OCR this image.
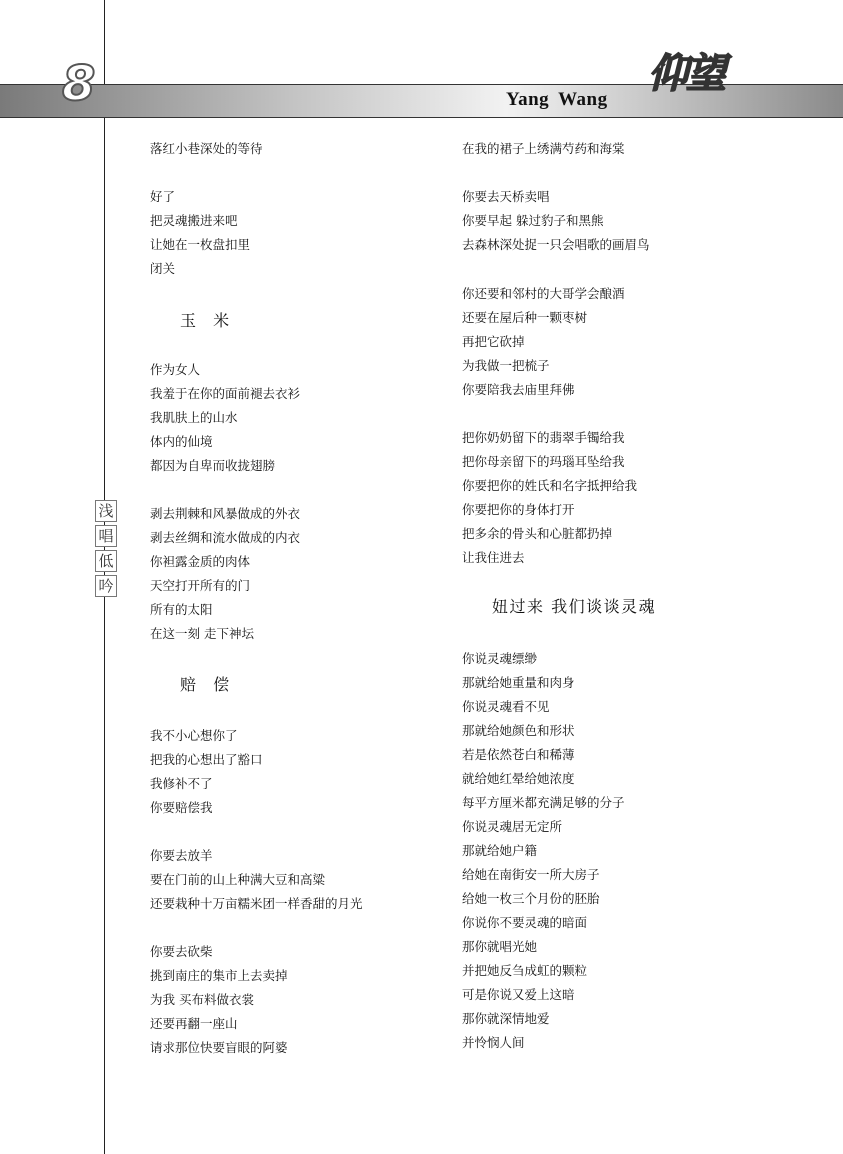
8	Yang Wang
仰望
浅
唱
低
吟
落红小巷深处的等待
好了
把灵魂搬进来吧
让她在一枚盘扣里
闭关
玉 米
作为女人
我羞于在你的面前褪去衣衫
我肌肤上的山水
体内的仙境
都因为自卑而收拢翅膀
剥去荆棘和风暴做成的外衣
剥去丝绸和流水做成的内衣
你袒露金质的肉体
天空打开所有的门
所有的太阳
在这一刻 走下神坛
赔 偿
我不小心想你了
把我的心想出了豁口
我修补不了
你要赔偿我
你要去放羊
要在门前的山上种满大豆和高粱
还要栽种十万亩糯米团一样香甜的月光
你要去砍柴
挑到南庄的集市上去卖掉
为我 买布料做衣裳
还要再翻一座山
请求那位快要盲眼的阿婆
在我的裙子上绣满芍药和海棠
你要去天桥卖唱
你要早起 躲过豹子和黑熊
去森林深处捉一只会唱歌的画眉鸟
你还要和邻村的大哥学会酿酒
还要在屋后种一颗枣树
再把它砍掉
为我做一把梳子
你要陪我去庙里拜佛
把你奶奶留下的翡翠手镯给我
把你母亲留下的玛瑙耳坠给我
你要把你的姓氏和名字抵押给我
你要把你的身体打开
把多余的骨头和心脏都扔掉
让我住进去
妞过来 我们谈谈灵魂
你说灵魂缥缈
那就给她重量和肉身
你说灵魂看不见
那就给她颜色和形状
若是依然苍白和稀薄
就给她红晕给她浓度
每平方厘米都充满足够的分子
你说灵魂居无定所
那就给她户籍
给她在南街安一所大房子
给她一枚三个月份的胚胎
你说你不要灵魂的暗面
那你就唱光她
并把她反刍成虹的颗粒
可是你说又爱上这暗
那你就深情地爱
并怜悯人间
